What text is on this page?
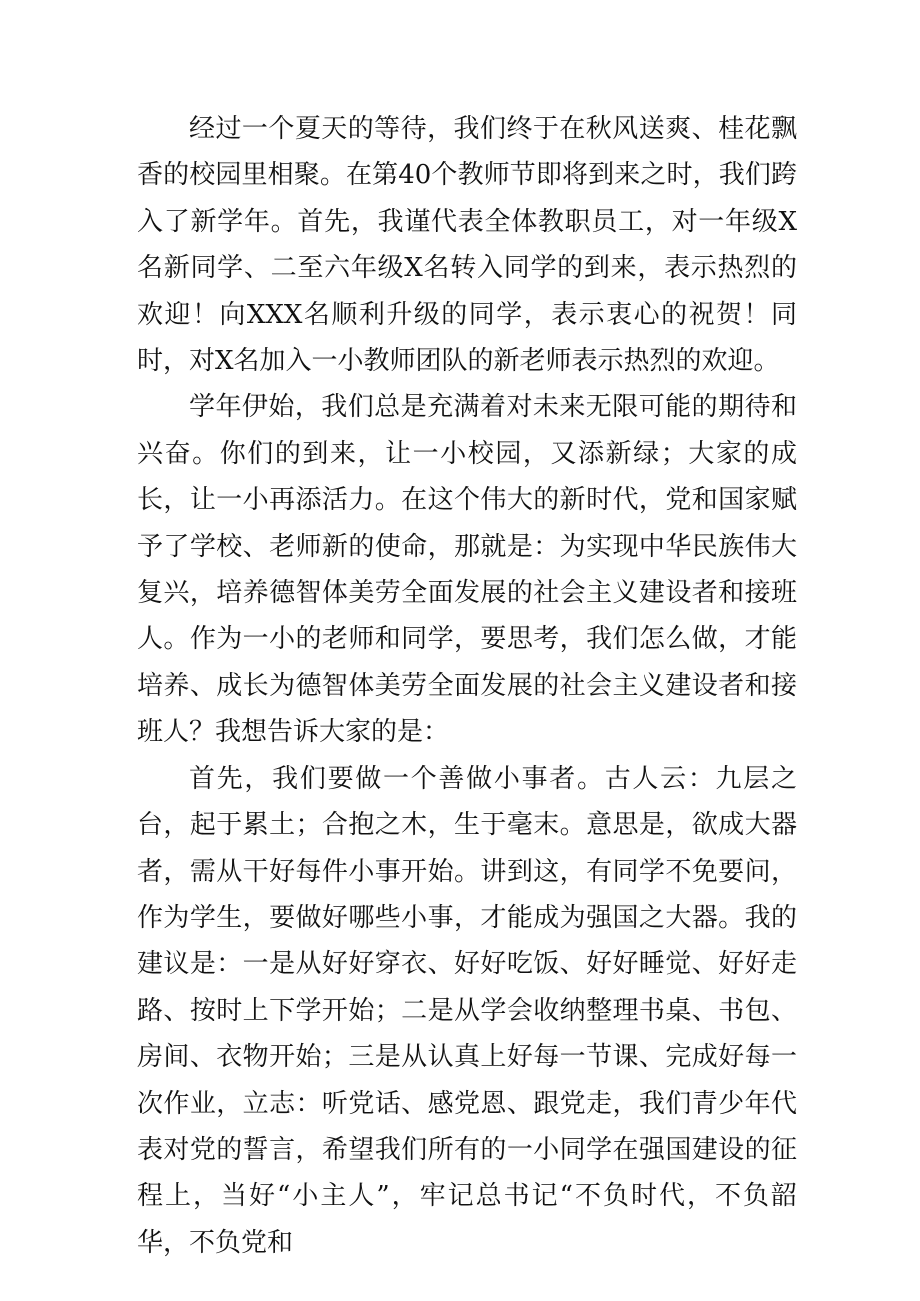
经过一个夏天的等待，我们终于在秋风送爽、桂花飘香的校园里相聚。在第40个教师节即将到来之时，我们跨入了新学年。首先，我谨代表全体教职员工，对一年级X名新同学、二至六年级X名转入同学的到来，表示热烈的欢迎！向XXX名顺利升级的同学，表示衷心的祝贺！同时，对X名加入一小教师团队的新老师表示热烈的欢迎。

学年伊始，我们总是充满着对未来无限可能的期待和兴奋。你们的到来，让一小校园，又添新绿；大家的成长，让一小再添活力。在这个伟大的新时代，党和国家赋予了学校、老师新的使命，那就是：为实现中华民族伟大复兴，培养德智体美劳全面发展的社会主义建设者和接班人。作为一小的老师和同学，要思考，我们怎么做，才能培养、成长为德智体美劳全面发展的社会主义建设者和接班人？我想告诉大家的是：

首先，我们要做一个善做小事者。古人云：九层之台，起于累土；合抱之木，生于毫末。意思是，欲成大器者，需从干好每件小事开始。讲到这，有同学不免要问，作为学生，要做好哪些小事，才能成为强国之大器。我的建议是：一是从好好穿衣、好好吃饭、好好睡觉、好好走路、按时上下学开始；二是从学会收纳整理书桌、书包、房间、衣物开始；三是从认真上好每一节课、完成好每一次作业，立志：听党话、感党恩、跟党走，我们青少年代表对党的誓言，希望我们所有的一小同学在强国建设的征程上，当好“小主人”，牢记总书记“不负时代，不负韶华，不负党和
